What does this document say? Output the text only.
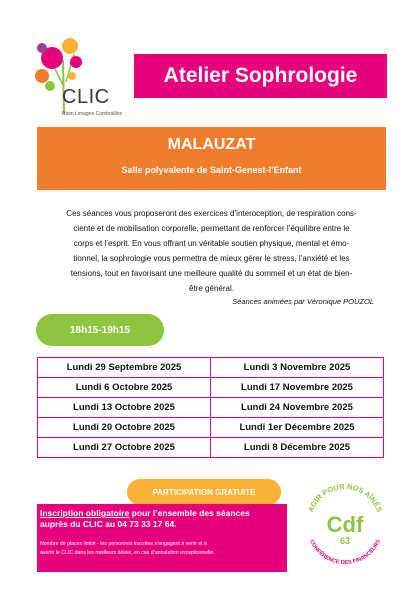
CLIC
Riom Limagne Combrailles
Atelier Sophrologie
MALAUZAT
Salle polyvalente de Saint-Genest-l’Enfant
Ces séances vous proposeront des exercices d’interoception, de respiration cons-
ciente et de mobilisation corporelle, permettant de renforcer l’équilibre entre le
corps et l’esprit. En vous offrant un véritable soutien physique, mental et émo-
tionnel, la sophrologie vous permettra de mieux gérer le stress, l’anxiété et les
tensions, tout en favorisant une meilleure qualité du sommeil et un état de bien-
être général.
Séances animées par Véronique POUZOL
18h15-19h15
Lundi 29 Septembre 2025	Lundi 3 Novembre 2025
Lundi 6 Octobre 2025	Lundi 17 Novembre 2025
Lundi 13 Octobre 2025	Lundi 24 Novembre 2025
Lundi 20 Octobre 2025	Lundi 1er Décembre 2025
Lundi 27 Octobre 2025	Lundi 8 Décembre 2025
PARTICIPATION GRATUITE
Inscription obligatoire pour l’ensemble des séances
auprès du CLIC au 04 73 33 17 64.
Nombre de places limité - les personnes inscrites s’engagent à venir et à
avertir le CLIC dans les meilleurs délais, en cas d’annulation exceptionnelle.
AGIR POUR NOS AÎNÉS
CONFÉRENCE DES FINANCEURS
Cdf
63
